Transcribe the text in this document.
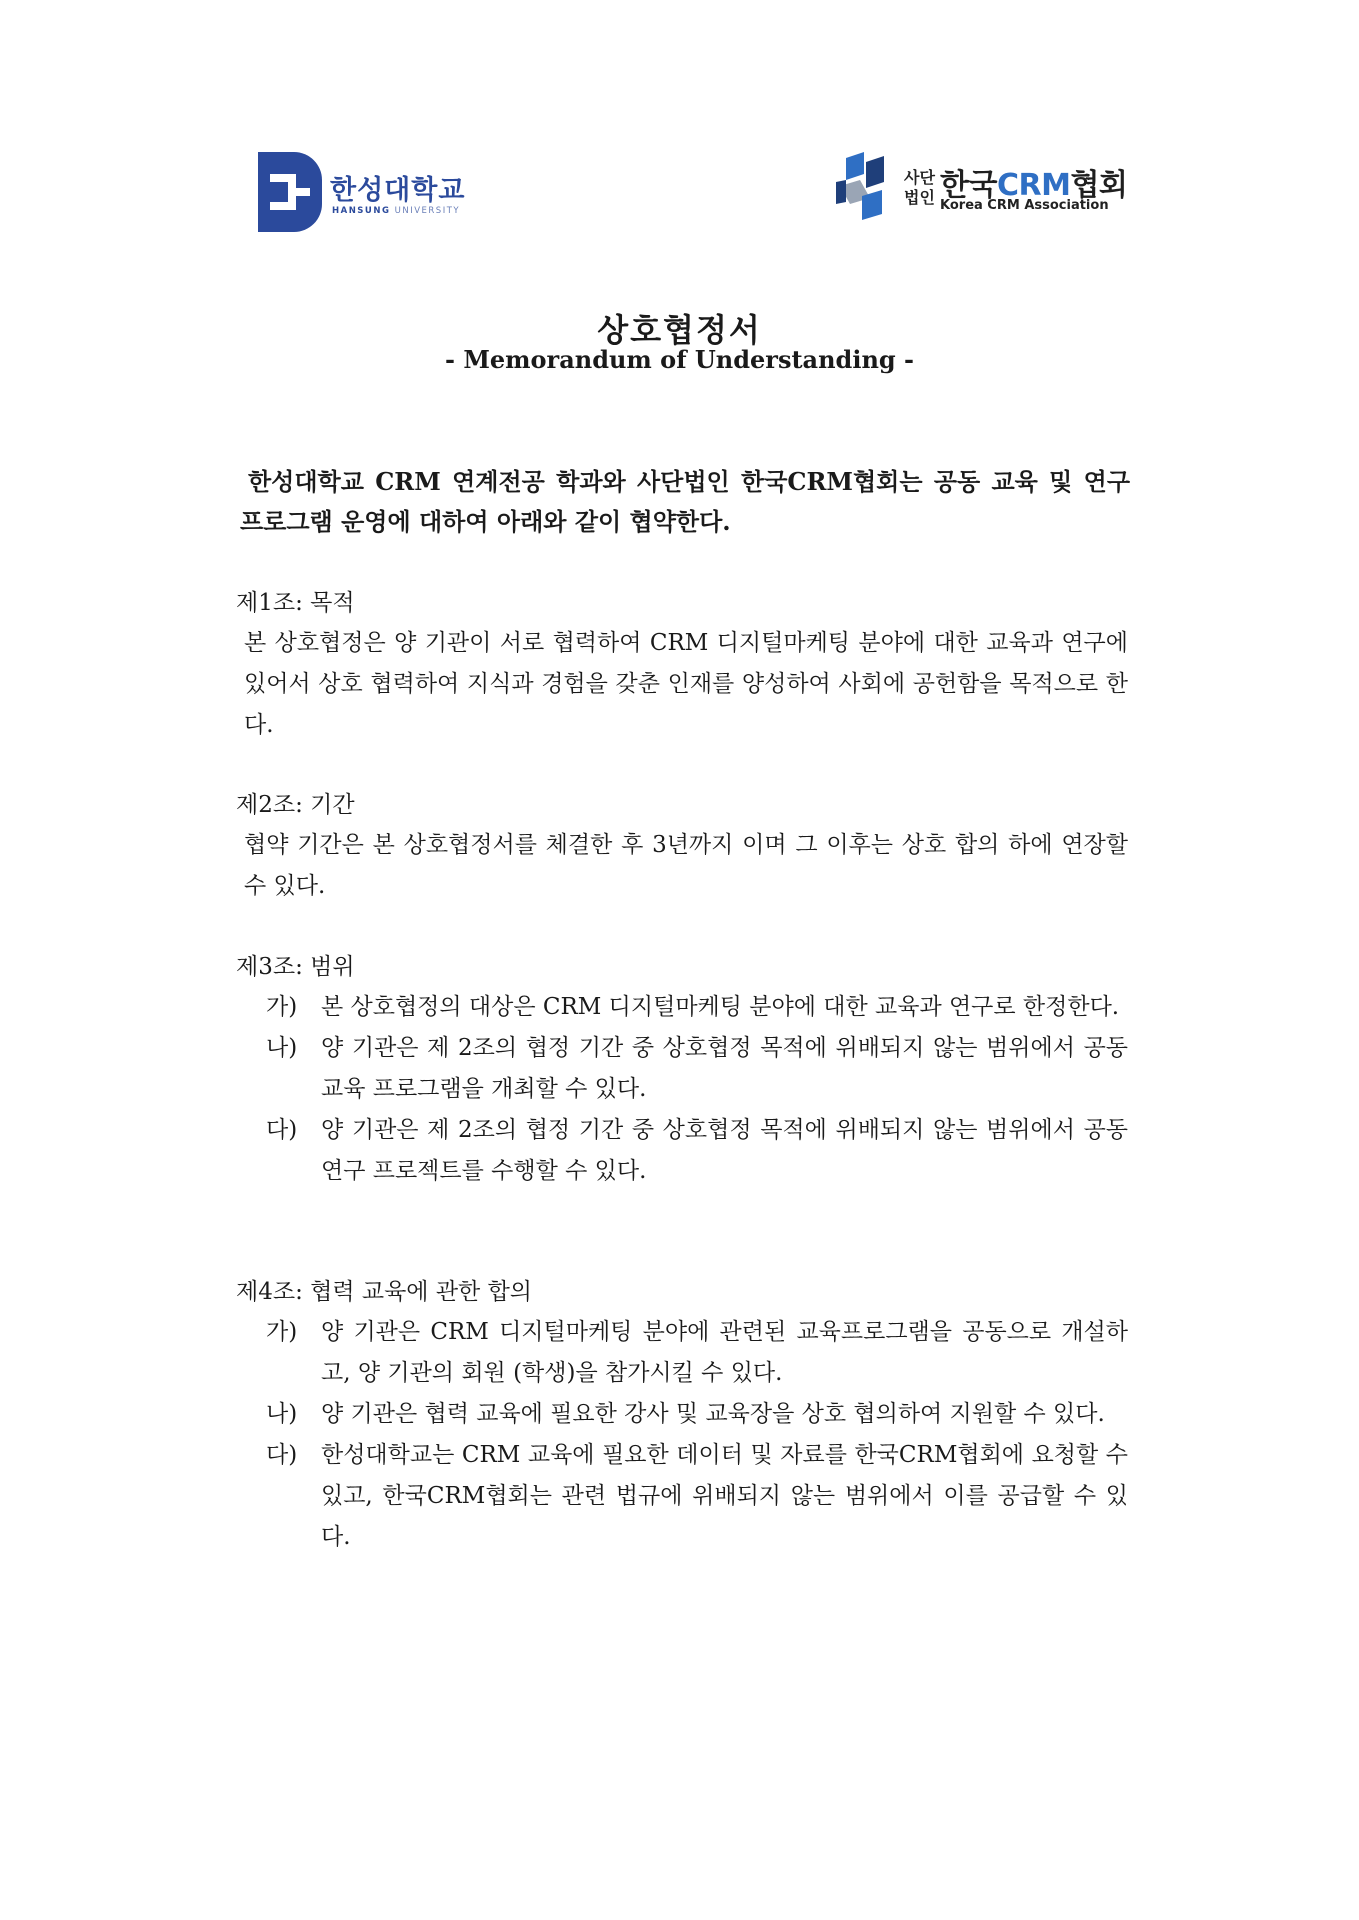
한성대학교
HANSUNG UNIVERSITY
사단법인 한국CRM협회
Korea CRM Association
상호협정서
- Memorandum of Understanding -
한성대학교 CRM 연계전공 학과와 사단법인 한국CRM협회는 공동 교육 및 연구 프로그램 운영에 대하여 아래와 같이 협약한다.
제1조: 목적
본 상호협정은 양 기관이 서로 협력하여 CRM 디지털마케팅 분야에 대한 교육과 연구에 있어서 상호 협력하여 지식과 경험을 갖춘 인재를 양성하여 사회에 공헌함을 목적으로 한다.
제2조: 기간
협약 기간은 본 상호협정서를 체결한 후 3년까지 이며 그 이후는 상호 합의 하에 연장할 수 있다.
제3조: 범위
가) 본 상호협정의 대상은 CRM 디지털마케팅 분야에 대한 교육과 연구로 한정한다.
나) 양 기관은 제 2조의 협정 기간 중 상호협정 목적에 위배되지 않는 범위에서 공동교육 프로그램을 개최할 수 있다.
다) 양 기관은 제 2조의 협정 기간 중 상호협정 목적에 위배되지 않는 범위에서 공동연구 프로젝트를 수행할 수 있다.
제4조: 협력 교육에 관한 합의
가) 양 기관은 CRM 디지털마케팅 분야에 관련된 교육프로그램을 공동으로 개설하고, 양 기관의 회원 (학생)을 참가시킬 수 있다.
나) 양 기관은 협력 교육에 필요한 강사 및 교육장을 상호 협의하여 지원할 수 있다.
다) 한성대학교는 CRM 교육에 필요한 데이터 및 자료를 한국CRM협회에 요청할 수 있고, 한국CRM협회는 관련 법규에 위배되지 않는 범위에서 이를 공급할 수 있다.
